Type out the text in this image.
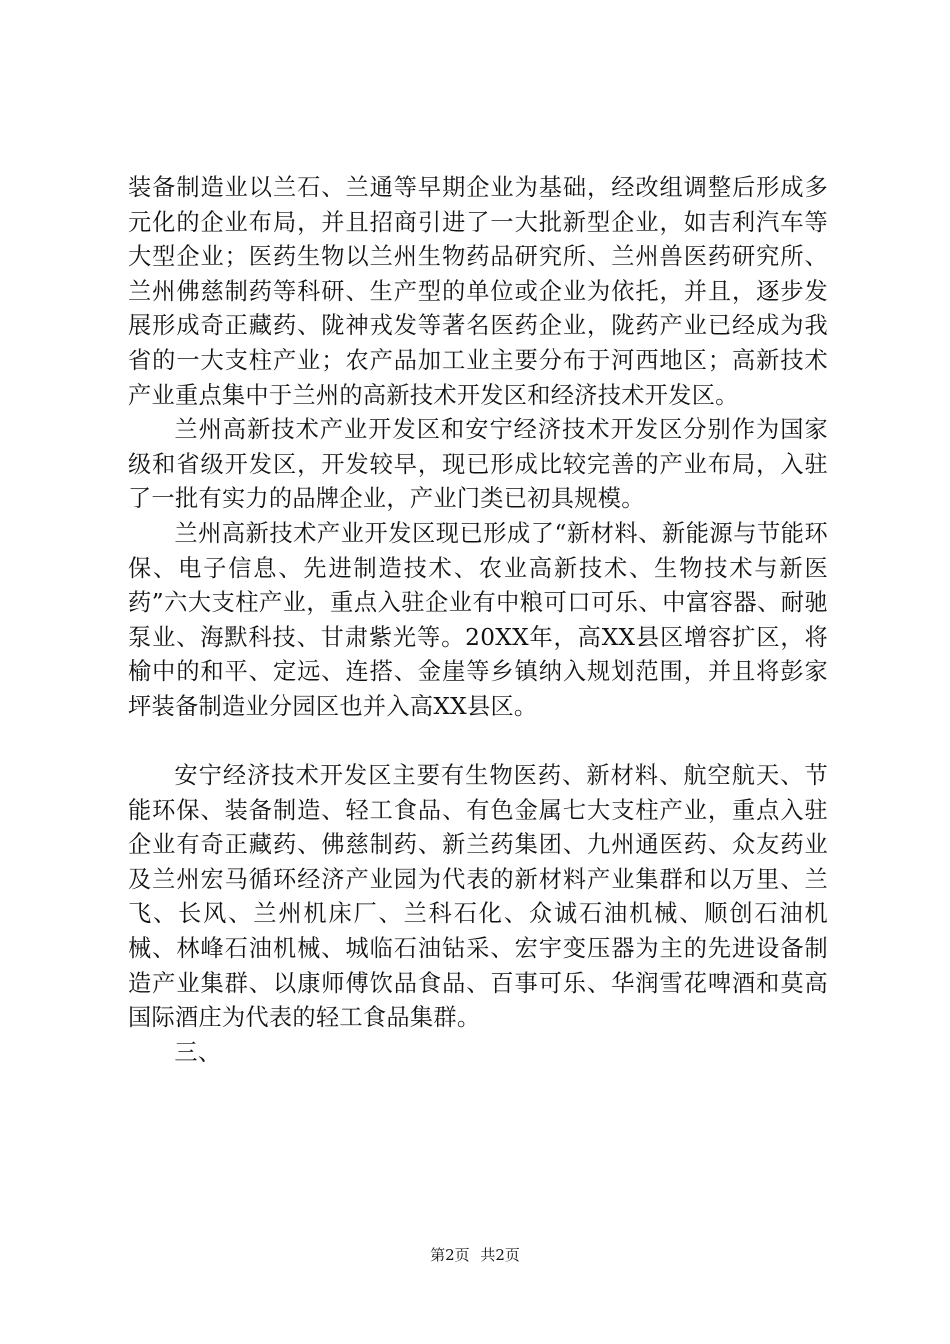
装备制造业以兰石、兰通等早期企业为基础，经改组调整后形成多元化的企业布局，并且招商引进了一大批新型企业，如吉利汽车等大型企业；医药生物以兰州生物药品研究所、兰州兽医药研究所、兰州佛慈制药等科研、生产型的单位或企业为依托，并且，逐步发展形成奇正藏药、陇神戎发等著名医药企业，陇药产业已经成为我省的一大支柱产业；农产品加工业主要分布于河西地区；高新技术产业重点集中于兰州的高新技术开发区和经济技术开发区。

兰州高新技术产业开发区和安宁经济技术开发区分别作为国家级和省级开发区，开发较早，现已形成比较完善的产业布局，入驻了一批有实力的品牌企业，产业门类已初具规模。

兰州高新技术产业开发区现已形成了“新材料、新能源与节能环保、电子信息、先进制造技术、农业高新技术、生物技术与新医药”六大支柱产业，重点入驻企业有中粮可口可乐、中富容器、耐驰泵业、海默科技、甘肃紫光等。20XX年，高XX县区增容扩区，将榆中的和平、定远、连搭、金崖等乡镇纳入规划范围，并且将彭家坪装备制造业分园区也并入高XX县区。

安宁经济技术开发区主要有生物医药、新材料、航空航天、节能环保、装备制造、轻工食品、有色金属七大支柱产业，重点入驻企业有奇正藏药、佛慈制药、新兰药集团、九州通医药、众友药业及兰州宏马循环经济产业园为代表的新材料产业集群和以万里、兰飞、长风、兰州机床厂、兰科石化、众诚石油机械、顺创石油机械、林峰石油机械、城临石油钻采、宏宇变压器为主的先进设备制造产业集群、以康师傅饮品食品、百事可乐、华润雪花啤酒和莫高国际酒庄为代表的轻工食品集群。

三、

第2页 共2页
